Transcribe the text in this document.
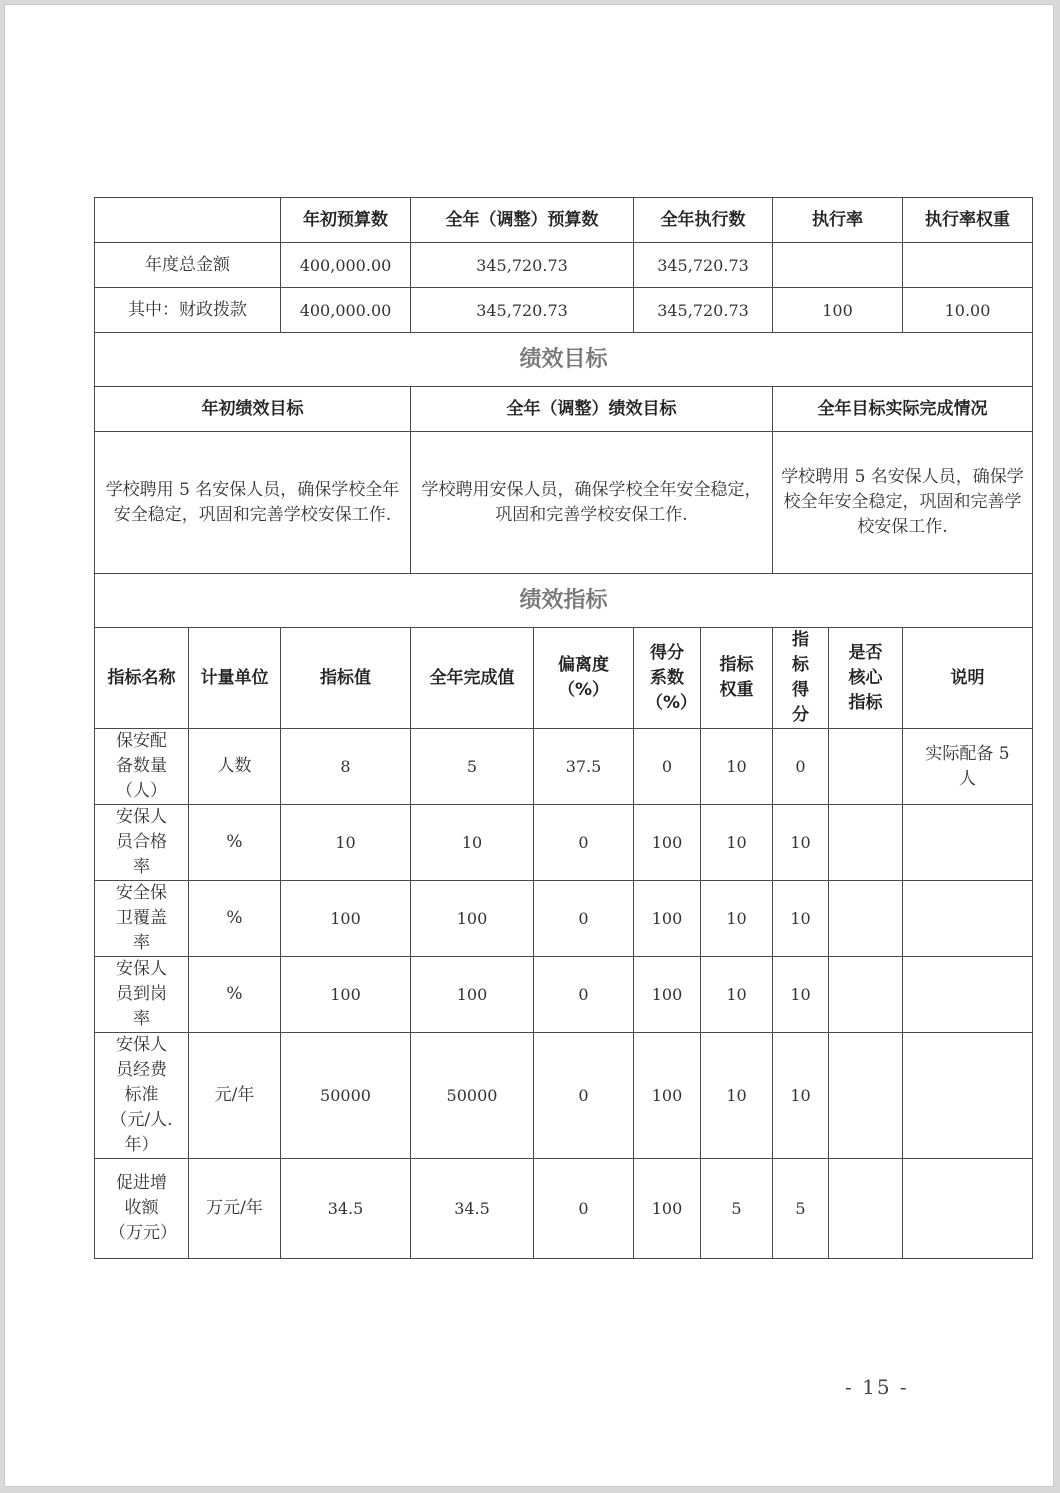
		年初预算数	全年（调整）预算数		全年执行数		执行率		执行率权重
年度总金额		400,000.00	345,720.73		345,720.73				
其中：财政拨款		400,000.00	345,720.73		345,720.73		100		10.00
绩效目标									
年初绩效目标			全年（调整）绩效目标				全年目标实际完成情况		
学校聘用 5 名安保人员，确保学校全年安全稳定，巩固和完善学校安保工作.			学校聘用安保人员，确保学校全年安全稳定，巩固和完善学校安保工作.				学校聘用 5 名安保人员，确保学校全年安全稳定，巩固和完善学校安保工作.		
绩效指标									
指标名称	计量单位	指标值	全年完成值	偏离度（%）	得分系数（%）	指标权重	指标得分	是否核心指标	说明
保安配备数量（人）	人数	8	5	37.5	0	10	0		实际配备 5 人
安保人员合格率	%	10	10	0	100	10	10		
安全保卫覆盖率	%	100	100	0	100	10	10		
安保人员到岗率	%	100	100	0	100	10	10		
安保人员经费标准（元/人.年）	元/年	50000	50000	0	100	10	10		
促进增收额（万元）	万元/年	34.5	34.5	0	100	5	5		
- 15 -
